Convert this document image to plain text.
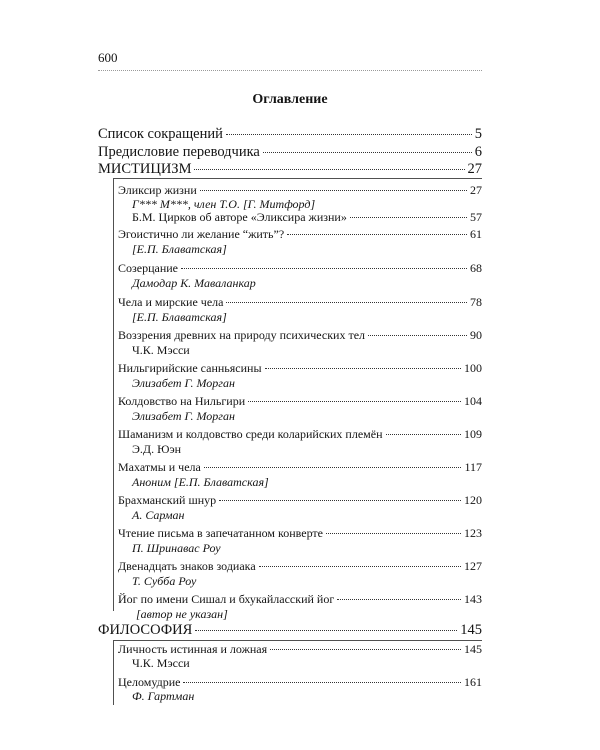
600
Оглавление
Список сокращений	5
Предисловие переводчика	6
МИСТИЦИЗМ	27
Эликсир жизни	27
Г*** М***, член Т.О. [Г. Митфорд]
Б.М. Цирков об авторе «Эликсира жизни»	57
Эгоистично ли желание “жить”?	61
[Е.П. Блаватская]
Созерцание	68
Дамодар К. Маваланкар
Чела и мирские чела	78
[Е.П. Блаватская]
Воззрения древних на природу психических тел	90
Ч.К. Мэсси
Нильгирийские санньясины	100
Элизабет Г. Морган
Колдовство на Нильгири	104
Элизабет Г. Морган
Шаманизм и колдовство среди коларийских племён	109
Э.Д. Юэн
Махатмы и чела	117
Аноним [Е.П. Блаватская]
Брахманский шнур	120
А. Сарман
Чтение письма в запечатанном конверте	123
П. Шринавас Роу
Двенадцать знаков зодиака	127
Т. Субба Роу
Йог по имени Сишал и бхукайласский йог	143
[автор не указан]
ФИЛОСОФИЯ	145
Личность истинная и ложная	145
Ч.К. Мэсси
Целомудрие	161
Ф. Гартман
